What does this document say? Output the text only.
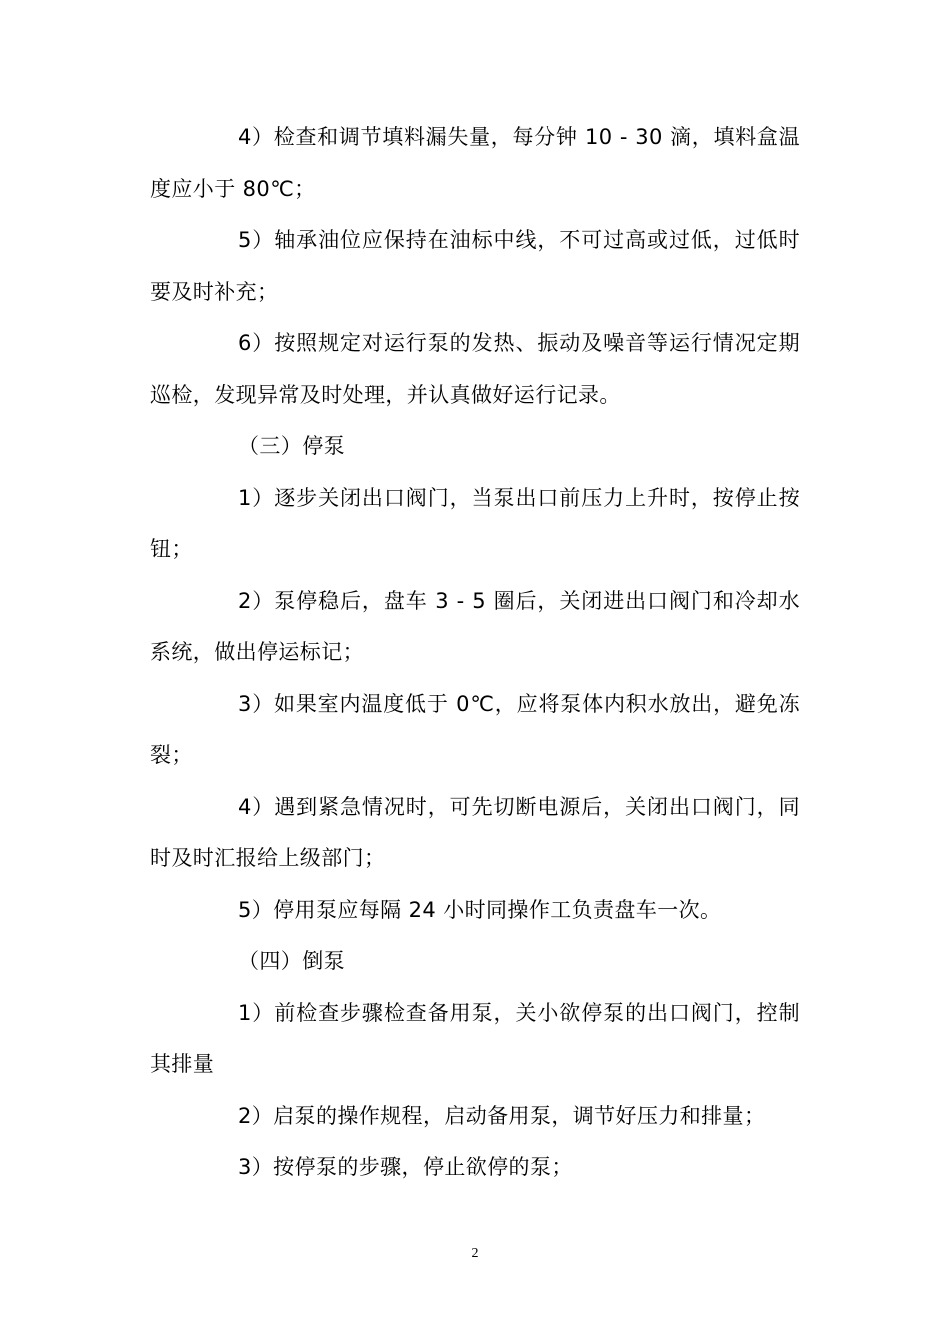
4）检查和调节填料漏失量，每分钟 10 - 30 滴，填料盒温度应小于 80℃；

5）轴承油位应保持在油标中线，不可过高或过低，过低时要及时补充；

6）按照规定对运行泵的发热、振动及噪音等运行情况定期巡检，发现异常及时处理，并认真做好运行记录。

（三）停泵

1）逐步关闭出口阀门，当泵出口前压力上升时，按停止按钮；

2）泵停稳后，盘车 3 - 5 圈后，关闭进出口阀门和冷却水系统，做出停运标记；

3）如果室内温度低于 0℃，应将泵体内积水放出，避免冻裂；

4）遇到紧急情况时，可先切断电源后，关闭出口阀门，同时及时汇报给上级部门；

5）停用泵应每隔 24 小时同操作工负责盘车一次。

（四）倒泵

1）前检查步骤检查备用泵，关小欲停泵的出口阀门，控制其排量

2）启泵的操作规程，启动备用泵，调节好压力和排量；

3）按停泵的步骤，停止欲停的泵；

2
